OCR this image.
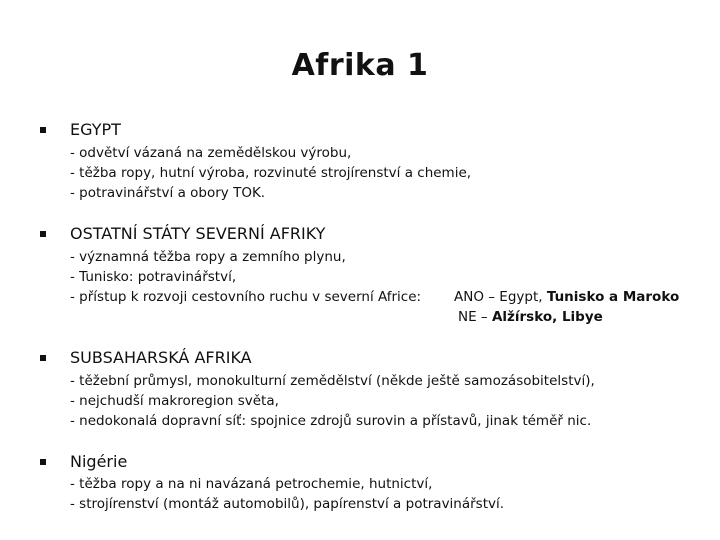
Afrika 1
EGYPT
- odvětví vázaná na zemědělskou výrobu,
- těžba ropy, hutní výroba, rozvinuté strojírenství a chemie,
- potravinářství a obory TOK.
OSTATNÍ STÁTY SEVERNÍ AFRIKY
- významná těžba ropy a zemního plynu,
- Tunisko: potravinářství,
- přístup k rozvoji cestovního ruchu v severní Africe: ANO – Egypt, Tunisko a Maroko
NE – Alžírsko, Libye
SUBSAHARSKÁ AFRIKA
- těžební průmysl, monokulturní zemědělství (někde ještě samozásobitelství),
- nejchudší makroregion světa,
- nedokonalá dopravní síť: spojnice zdrojů surovin a přístavů, jinak téměř nic.
Nigérie
- těžba ropy a na ni navázaná petrochemie, hutnictví,
- strojírenství (montáž automobilů), papírenství a potravinářství.
